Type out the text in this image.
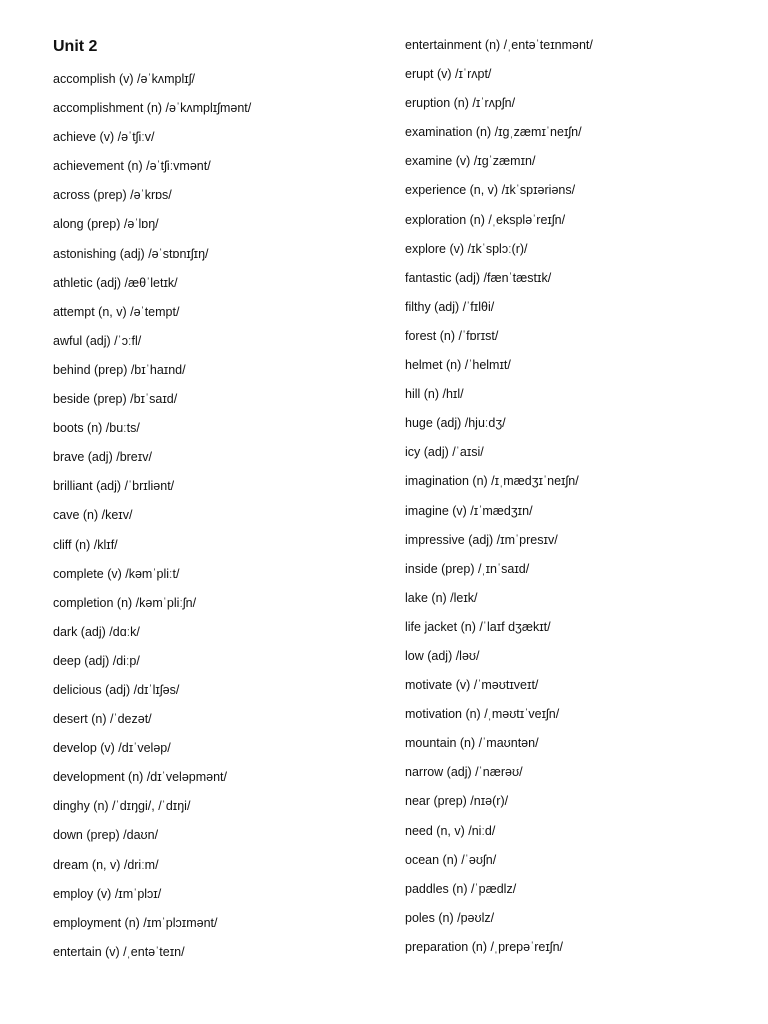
Unit 2
accomplish (v) /əˈkʌmplɪʃ/
accomplishment (n) /əˈkʌmplɪʃmənt/
achieve (v) /əˈtʃiːv/
achievement (n) /əˈtʃiːvmənt/
across (prep) /əˈkrɒs/
along (prep) /əˈlɒŋ/
astonishing (adj) /əˈstɒnɪʃɪŋ/
athletic (adj) /æθˈletɪk/
attempt (n, v) /əˈtempt/
awful (adj) /ˈɔːfl/
behind (prep) /bɪˈhaɪnd/
beside (prep) /bɪˈsaɪd/
boots (n) /buːts/
brave (adj) /breɪv/
brilliant (adj) /ˈbrɪliənt/
cave (n) /keɪv/
cliff (n) /klɪf/
complete (v) /kəmˈpliːt/
completion (n) /kəmˈpliːʃn/
dark (adj) /dɑːk/
deep (adj) /diːp/
delicious (adj) /dɪˈlɪʃəs/
desert (n) /ˈdezət/
develop (v) /dɪˈveləp/
development (n) /dɪˈveləpmənt/
dinghy (n) /ˈdɪŋgi/, /ˈdɪŋi/
down (prep) /daʊn/
dream (n, v) /driːm/
employ (v) /ɪmˈplɔɪ/
employment (n) /ɪmˈplɔɪmənt/
entertain (v) /ˌentəˈteɪn/
entertainment (n) /ˌentəˈteɪnmənt/
erupt (v) /ɪˈrʌpt/
eruption (n) /ɪˈrʌpʃn/
examination (n) /ɪɡˌzæmɪˈneɪʃn/
examine (v) /ɪɡˈzæmɪn/
experience (n, v) /ɪkˈspɪəriəns/
exploration (n) /ˌekspləˈreɪʃn/
explore (v) /ɪkˈsplɔː(r)/
fantastic (adj) /fænˈtæstɪk/
filthy (adj) /ˈfɪlθi/
forest (n) /ˈfɒrɪst/
helmet (n) /ˈhelmɪt/
hill (n) /hɪl/
huge (adj) /hjuːdʒ/
icy (adj) /ˈaɪsi/
imagination (n) /ɪˌmædʒɪˈneɪʃn/
imagine (v) /ɪˈmædʒɪn/
impressive (adj) /ɪmˈpresɪv/
inside (prep) /ˌɪnˈsaɪd/
lake (n) /leɪk/
life jacket (n) /ˈlaɪf dʒækɪt/
low (adj) /ləʊ/
motivate (v) /ˈməʊtɪveɪt/
motivation (n) /ˌməʊtɪˈveɪʃn/
mountain (n) /ˈmaʊntən/
narrow (adj) /ˈnærəʊ/
near (prep) /nɪə(r)/
need (n, v) /niːd/
ocean (n) /ˈəʊʃn/
paddles (n) /ˈpædlz/
poles (n) /pəʊlz/
preparation (n) /ˌprepəˈreɪʃn/
